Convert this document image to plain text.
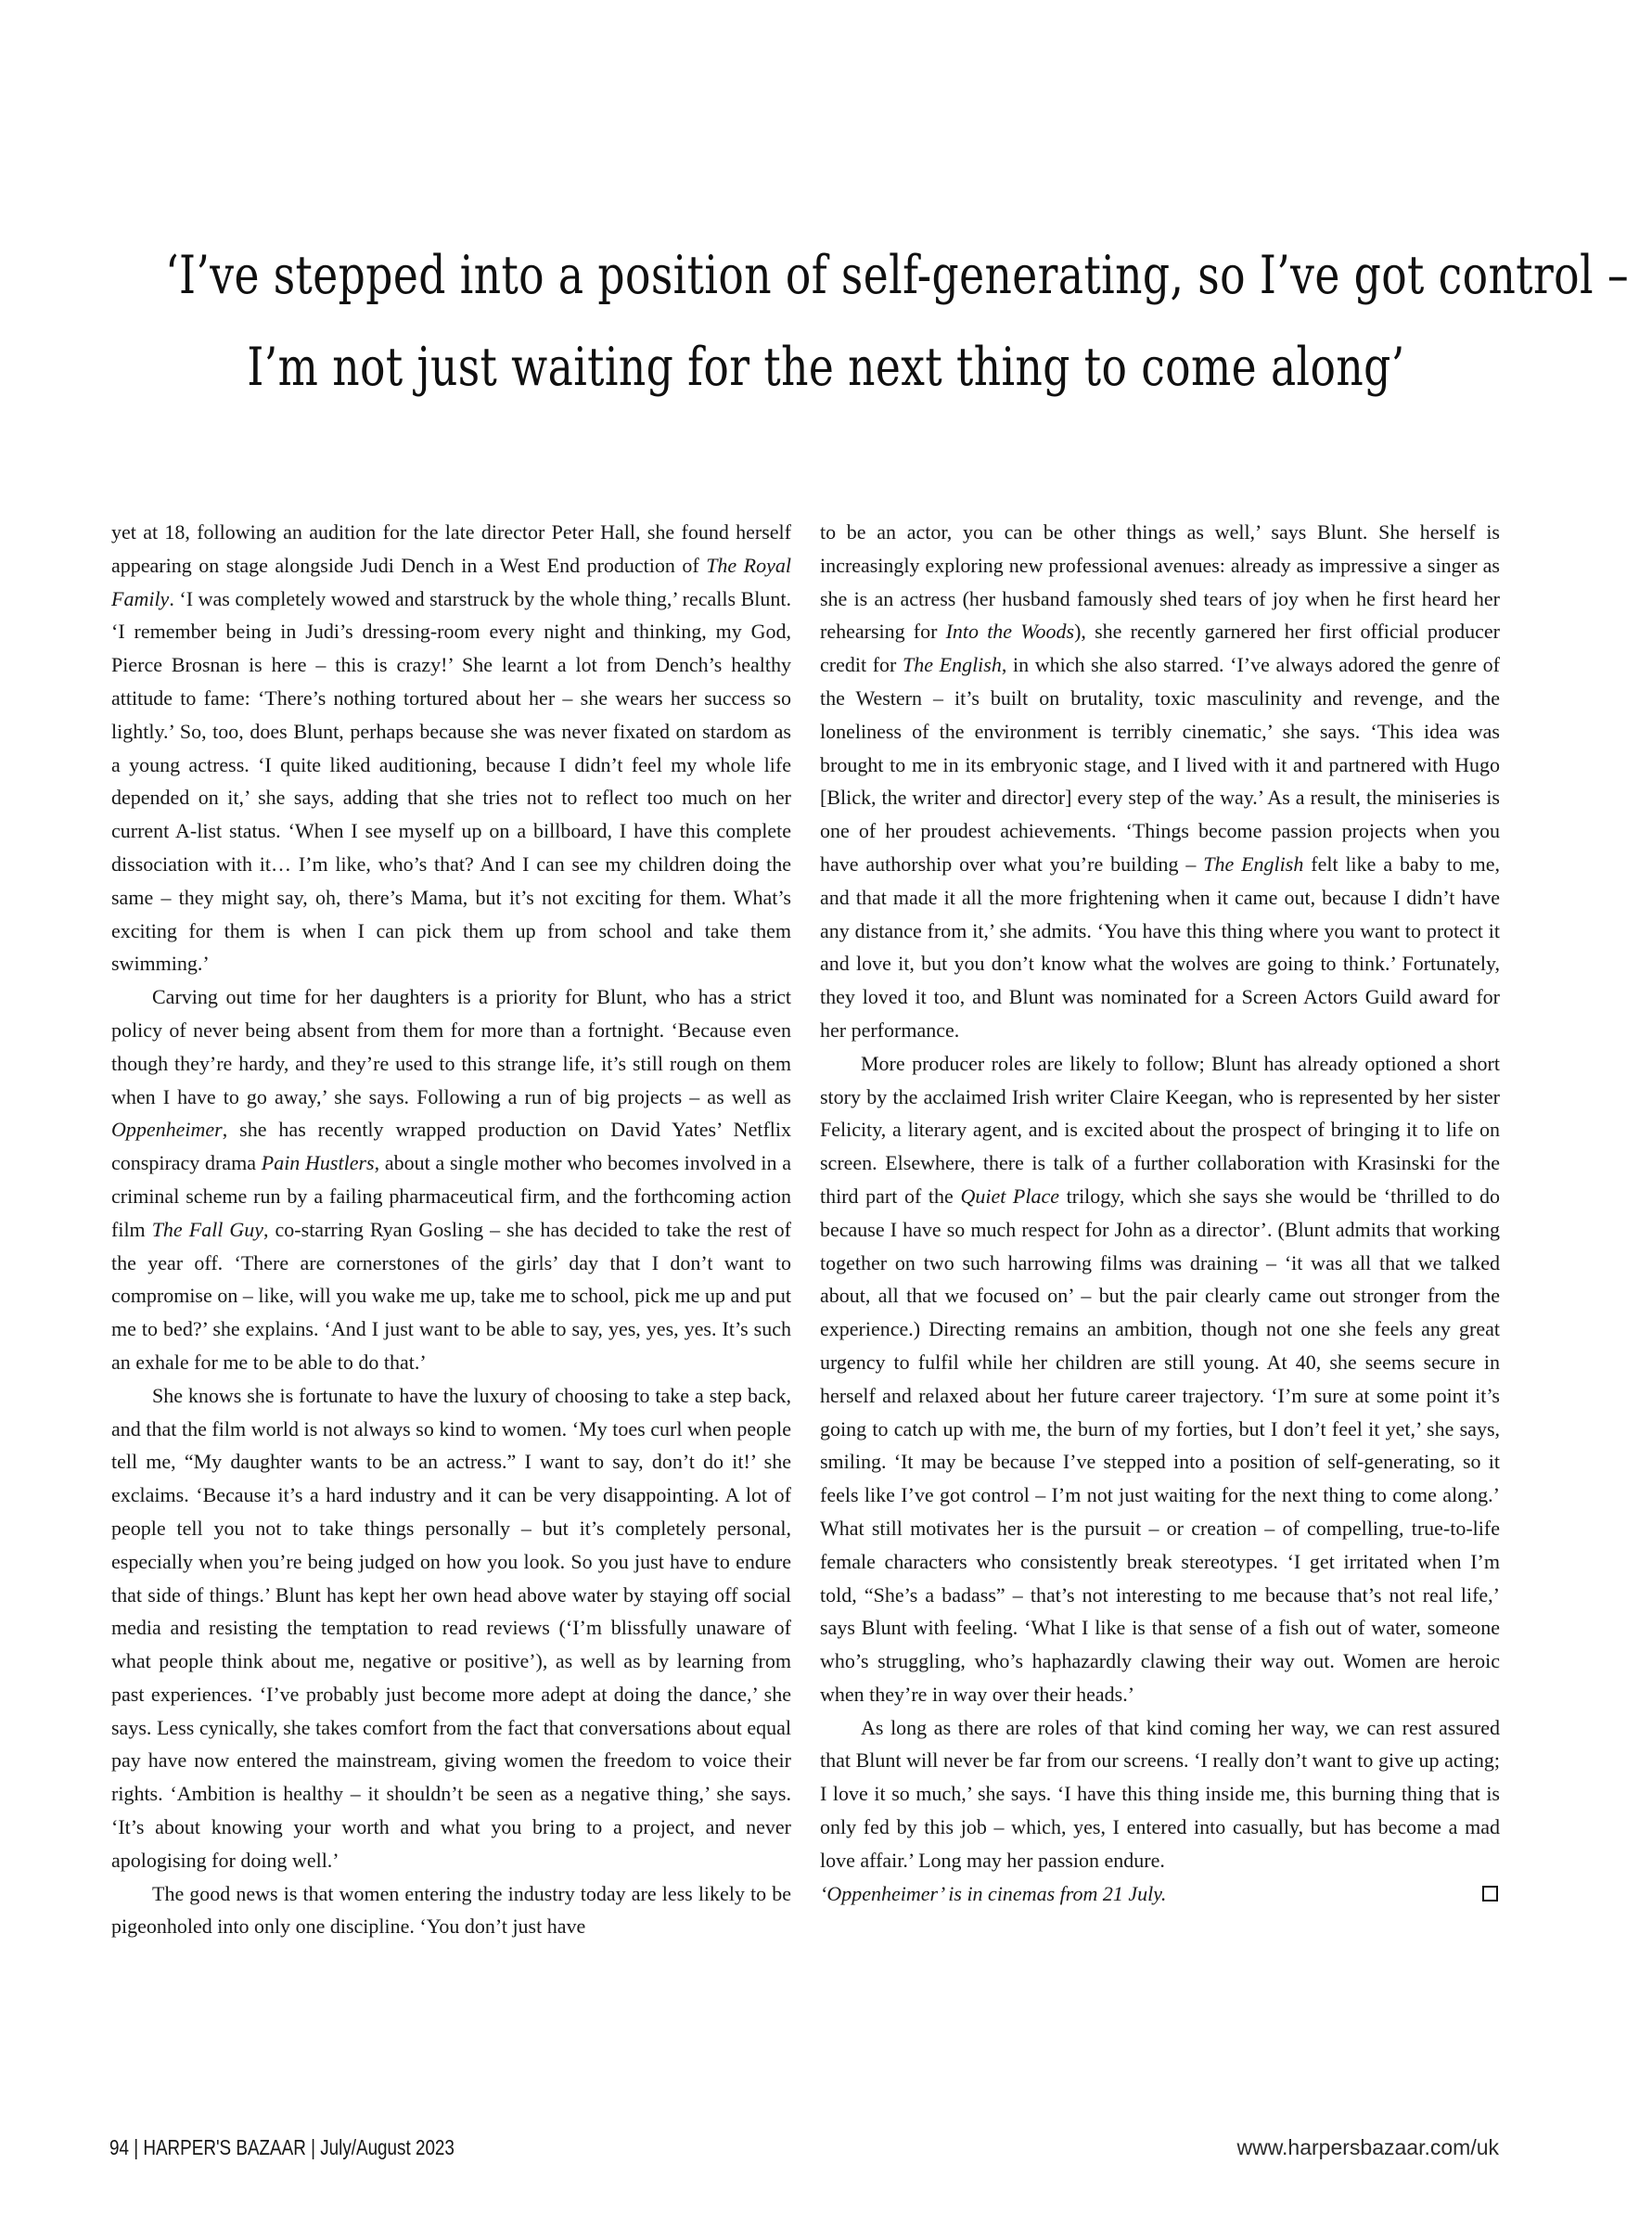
‘I’ve stepped into a position of self-generating, so I’ve got control –
I’m not just waiting for the next thing to come along’

yet at 18, following an audition for the late director Peter Hall, she found herself appearing on stage alongside Judi Dench in a West End production of The Royal Family. ‘I was completely wowed and starstruck by the whole thing,’ recalls Blunt. ‘I remember being in Judi’s dressing-room every night and thinking, my God, Pierce Brosnan is here – this is crazy!’ She learnt a lot from Dench’s healthy attitude to fame: ‘There’s nothing tortured about her – she wears her success so lightly.’ So, too, does Blunt, perhaps because she was never fixated on stardom as a young actress. ‘I quite liked auditioning, because I didn’t feel my whole life depended on it,’ she says, adding that she tries not to reflect too much on her current A-list status. ‘When I see myself up on a billboard, I have this complete dissociation with it… I’m like, who’s that? And I can see my children doing the same – they might say, oh, there’s Mama, but it’s not exciting for them. What’s exciting for them is when I can pick them up from school and take them swimming.’

Carving out time for her daughters is a priority for Blunt, who has a strict policy of never being absent from them for more than a fortnight. ‘Because even though they’re hardy, and they’re used to this strange life, it’s still rough on them when I have to go away,’ she says. Following a run of big projects – as well as Oppenheimer, she has recently wrapped production on David Yates’ Netflix conspiracy drama Pain Hustlers, about a single mother who becomes involved in a criminal scheme run by a failing pharmaceutical firm, and the forthcoming action film The Fall Guy, co-starring Ryan Gosling – she has decided to take the rest of the year off. ‘There are cornerstones of the girls’ day that I don’t want to compromise on – like, will you wake me up, take me to school, pick me up and put me to bed?’ she explains. ‘And I just want to be able to say, yes, yes, yes. It’s such an exhale for me to be able to do that.’

She knows she is fortunate to have the luxury of choosing to take a step back, and that the film world is not always so kind to women. ‘My toes curl when people tell me, “My daughter wants to be an actress.” I want to say, don’t do it!’ she exclaims. ‘Because it’s a hard industry and it can be very disappointing. A lot of people tell you not to take things personally – but it’s completely personal, especially when you’re being judged on how you look. So you just have to endure that side of things.’ Blunt has kept her own head above water by staying off social media and resisting the temptation to read reviews (‘I’m blissfully unaware of what people think about me, negative or positive’), as well as by learning from past experiences. ‘I’ve probably just become more adept at doing the dance,’ she says. Less cynically, she takes comfort from the fact that conversations about equal pay have now entered the mainstream, giving women the freedom to voice their rights. ‘Ambition is healthy – it shouldn’t be seen as a negative thing,’ she says. ‘It’s about knowing your worth and what you bring to a project, and never apologising for doing well.’

The good news is that women entering the industry today are less likely to be pigeonholed into only one discipline. ‘You don’t just have

to be an actor, you can be other things as well,’ says Blunt. She herself is increasingly exploring new professional avenues: already as impressive a singer as she is an actress (her husband famously shed tears of joy when he first heard her rehearsing for Into the Woods), she recently garnered her first official producer credit for The English, in which she also starred. ‘I’ve always adored the genre of the Western – it’s built on brutality, toxic masculinity and revenge, and the loneliness of the environment is terribly cinematic,’ she says. ‘This idea was brought to me in its embryonic stage, and I lived with it and partnered with Hugo [Blick, the writer and director] every step of the way.’ As a result, the miniseries is one of her proudest achievements. ‘Things become passion projects when you have authorship over what you’re building – The English felt like a baby to me, and that made it all the more frightening when it came out, because I didn’t have any distance from it,’ she admits. ‘You have this thing where you want to protect it and love it, but you don’t know what the wolves are going to think.’ Fortunately, they loved it too, and Blunt was nominated for a Screen Actors Guild award for her performance.

More producer roles are likely to follow; Blunt has already optioned a short story by the acclaimed Irish writer Claire Keegan, who is represented by her sister Felicity, a literary agent, and is excited about the prospect of bringing it to life on screen. Elsewhere, there is talk of a further collaboration with Krasinski for the third part of the Quiet Place trilogy, which she says she would be ‘thrilled to do because I have so much respect for John as a director’. (Blunt admits that working together on two such harrowing films was draining – ‘it was all that we talked about, all that we focused on’ – but the pair clearly came out stronger from the experience.) Directing remains an ambition, though not one she feels any great urgency to fulfil while her children are still young. At 40, she seems secure in herself and relaxed about her future career trajectory. ‘I’m sure at some point it’s going to catch up with me, the burn of my forties, but I don’t feel it yet,’ she says, smiling. ‘It may be because I’ve stepped into a position of self-generating, so it feels like I’ve got control – I’m not just waiting for the next thing to come along.’ What still motivates her is the pursuit – or creation – of compelling, true-to-life female characters who consistently break stereotypes. ‘I get irritated when I’m told, “She’s a badass” – that’s not interesting to me because that’s not real life,’ says Blunt with feeling. ‘What I like is that sense of a fish out of water, someone who’s struggling, who’s haphazardly clawing their way out. Women are heroic when they’re in way over their heads.’

As long as there are roles of that kind coming her way, we can rest assured that Blunt will never be far from our screens. ‘I really don’t want to give up acting; I love it so much,’ she says. ‘I have this thing inside me, this burning thing that is only fed by this job – which, yes, I entered into casually, but has become a mad love affair.’ Long may her passion endure.

‘Oppenheimer’ is in cinemas from 21 July.

94 | HARPER'S BAZAAR | July/August 2023	www.harpersbazaar.com/uk
